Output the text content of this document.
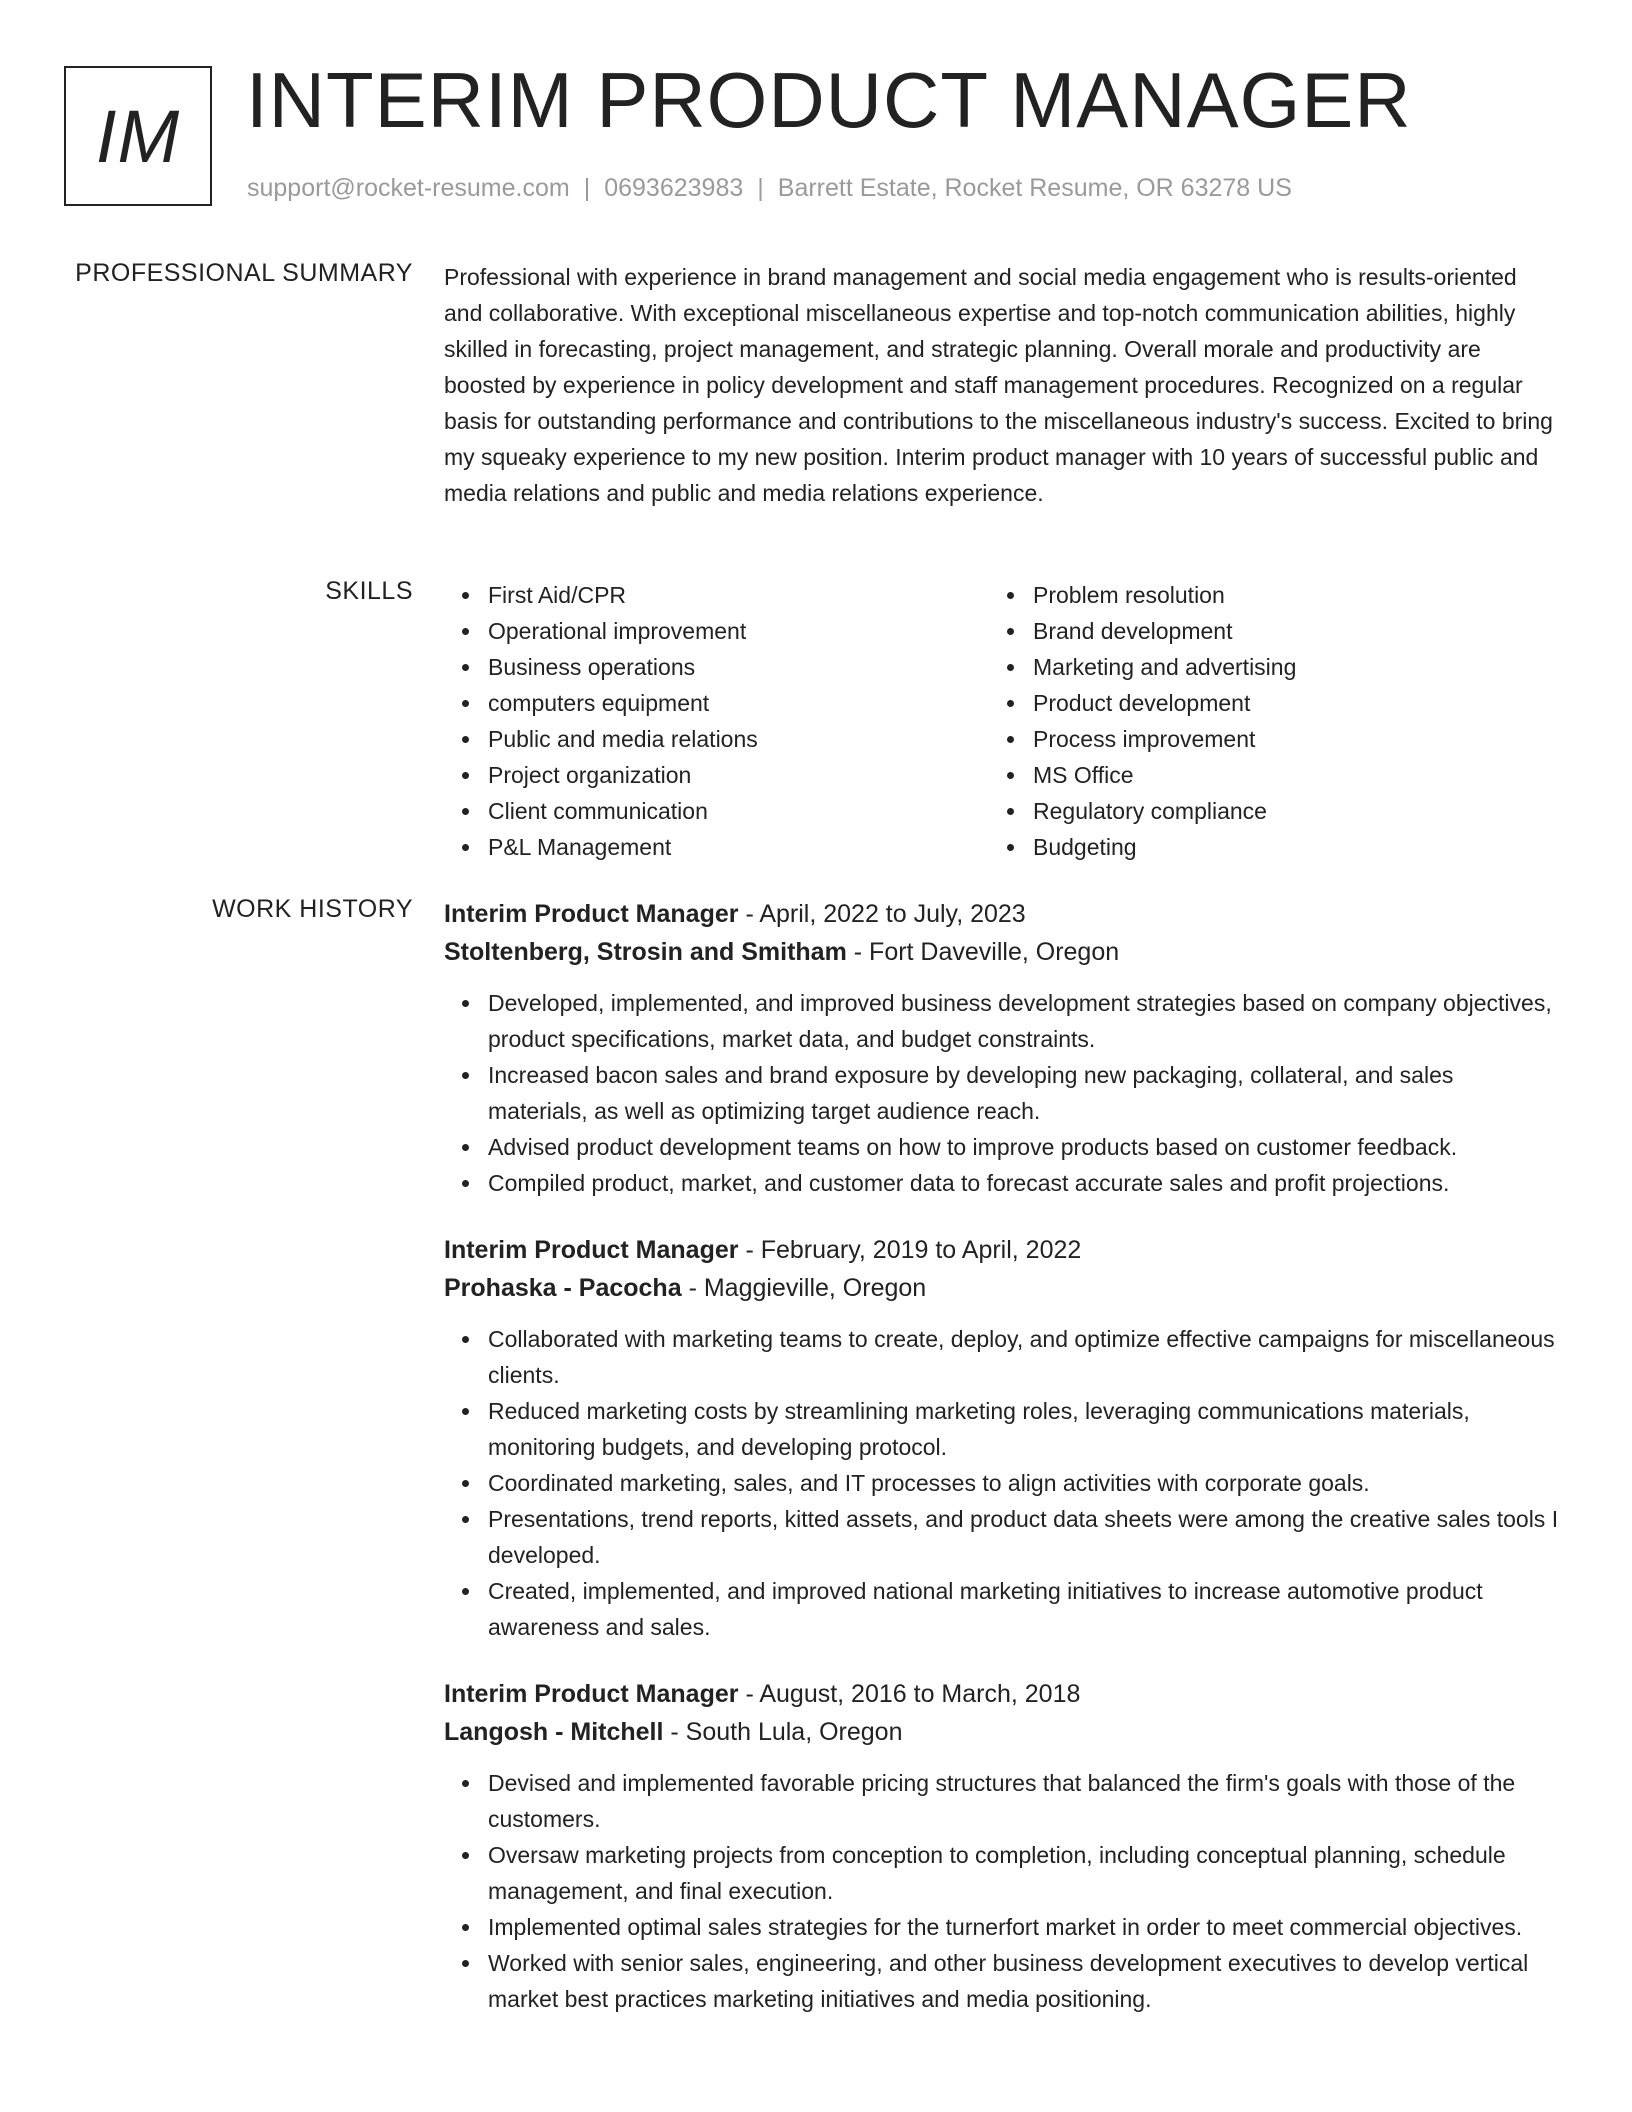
IM INTERIM PRODUCT MANAGER
support@rocket-resume.com | 0693623983 | Barrett Estate, Rocket Resume, OR 63278 US
PROFESSIONAL SUMMARY Professional with experience in brand management and social media engagement who is results-oriented and collaborative. With exceptional miscellaneous expertise and top-notch communication abilities, highly skilled in forecasting, project management, and strategic planning. Overall morale and productivity are boosted by experience in policy development and staff management procedures. Recognized on a regular basis for outstanding performance and contributions to the miscellaneous industry's success. Excited to bring my squeaky experience to my new position. Interim product manager with 10 years of successful public and media relations and public and media relations experience.

SKILLS	First Aid/CPR
Operational improvement
Business operations
computers equipment
Public and media relations
Project organization
Client communication
P&L Management
Problem resolution
Brand development
Marketing and advertising
Product development
Process improvement
MS Office
Regulatory compliance
Budgeting
WORK HISTORY Interim Product Manager - April, 2022 to July, 2023
Stoltenberg, Strosin and Smitham - Fort Daveville, Oregon
Developed, implemented, and improved business development strategies based on company objectives, product specifications, market data, and budget constraints.
Increased bacon sales and brand exposure by developing new packaging, collateral, and sales materials, as well as optimizing target audience reach.
Advised product development teams on how to improve products based on customer feedback.
Compiled product, market, and customer data to forecast accurate sales and profit projections.
Interim Product Manager - February, 2019 to April, 2022
Prohaska - Pacocha - Maggieville, Oregon
Collaborated with marketing teams to create, deploy, and optimize effective campaigns for miscellaneous clients.
Reduced marketing costs by streamlining marketing roles, leveraging communications materials, monitoring budgets, and developing protocol.
Coordinated marketing, sales, and IT processes to align activities with corporate goals.
Presentations, trend reports, kitted assets, and product data sheets were among the creative sales tools I developed.
Created, implemented, and improved national marketing initiatives to increase automotive product awareness and sales.
Interim Product Manager - August, 2016 to March, 2018
Langosh - Mitchell - South Lula, Oregon
Devised and implemented favorable pricing structures that balanced the firm's goals with those of the customers.
Oversaw marketing projects from conception to completion, including conceptual planning, schedule management, and final execution.
Implemented optimal sales strategies for the turnerfort market in order to meet commercial objectives.
Worked with senior sales, engineering, and other business development executives to develop vertical market best practices marketing initiatives and media positioning.
